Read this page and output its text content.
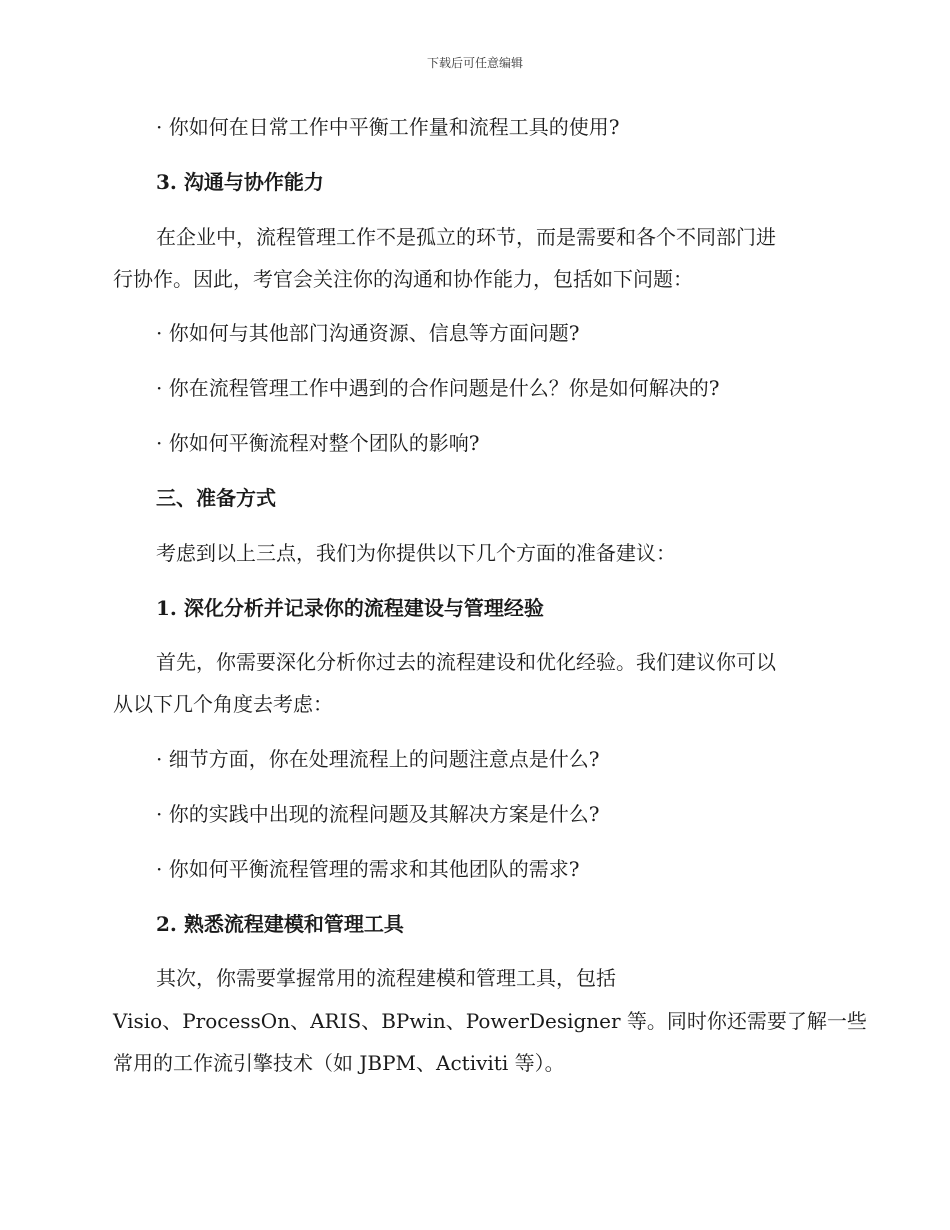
下载后可任意编辑
· 你如何在日常工作中平衡工作量和流程工具的使用?
3. 沟通与协作能力
在企业中，流程管理工作不是孤立的环节，而是需要和各个不同部门进
行协作。因此，考官会关注你的沟通和协作能力，包括如下问题：
· 你如何与其他部门沟通资源、信息等方面问题?
· 你在流程管理工作中遇到的合作问题是什么？你是如何解决的?
· 你如何平衡流程对整个团队的影响?
三、准备方式
考虑到以上三点，我们为你提供以下几个方面的准备建议：
1. 深化分析并记录你的流程建设与管理经验
首先，你需要深化分析你过去的流程建设和优化经验。我们建议你可以
从以下几个角度去考虑：
· 细节方面，你在处理流程上的问题注意点是什么?
· 你的实践中出现的流程问题及其解决方案是什么?
· 你如何平衡流程管理的需求和其他团队的需求?
2. 熟悉流程建模和管理工具
其次，你需要掌握常用的流程建模和管理工具，包括
Visio、ProcessOn、ARIS、BPwin、PowerDesigner 等。同时你还需要了解一些
常用的工作流引擎技术（如 JBPM、Activiti 等）。
